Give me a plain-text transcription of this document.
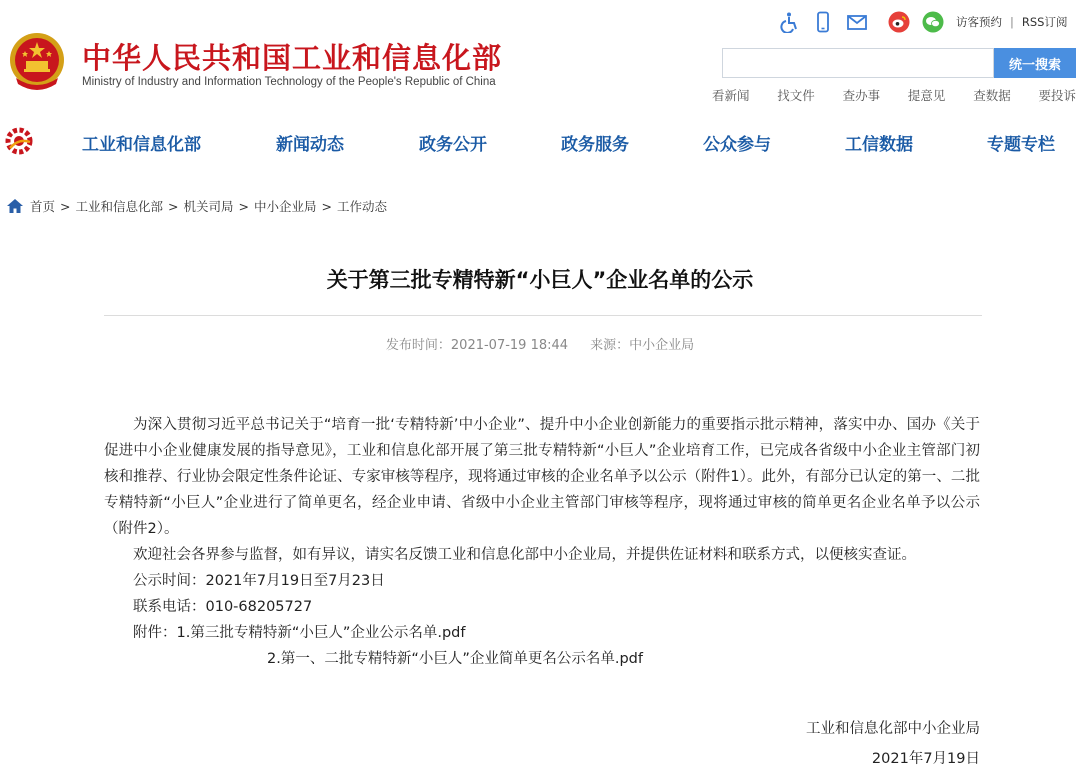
中华人民共和国工业和信息化部
Ministry of Industry and Information Technology of the People's Republic of China
访客预约 | RSS订阅
统一搜索
看新闻 找文件 查办事 提意见 查数据 要投诉
工业和信息化部	新闻动态	政务公开	政务服务	公众参与	工信数据	专题专栏
首页 > 工业和信息化部 > 机关司局 > 中小企业局 > 工作动态
关于第三批专精特新“小巨人”企业名单的公示
发布时间：2021-07-19 18:44 来源：中小企业局
为深入贯彻习近平总书记关于“培育一批‘专精特新’中小企业”、提升中小企业创新能力的重要指示批示精神，落实中办、国办《关于促进中小企业健康发展的指导意见》，工业和信息化部开展了第三批专精特新“小巨人”企业培育工作，已完成各省级中小企业主管部门初核和推荐、行业协会限定性条件论证、专家审核等程序，现将通过审核的企业名单予以公示（附件1）。此外，有部分已认定的第一、二批专精特新“小巨人”企业进行了简单更名，经企业申请、省级中小企业主管部门审核等程序，现将通过审核的简单更名企业名单予以公示（附件2）。
欢迎社会各界参与监督，如有异议，请实名反馈工业和信息化部中小企业局，并提供佐证材料和联系方式，以便核实查证。
公示时间：2021年7月19日至7月23日
联系电话：010-68205727
附件：1.第三批专精特新“小巨人”企业公示名单.pdf
2.第一、二批专精特新“小巨人”企业简单更名公示名单.pdf
工业和信息化部中小企业局
2021年7月19日
